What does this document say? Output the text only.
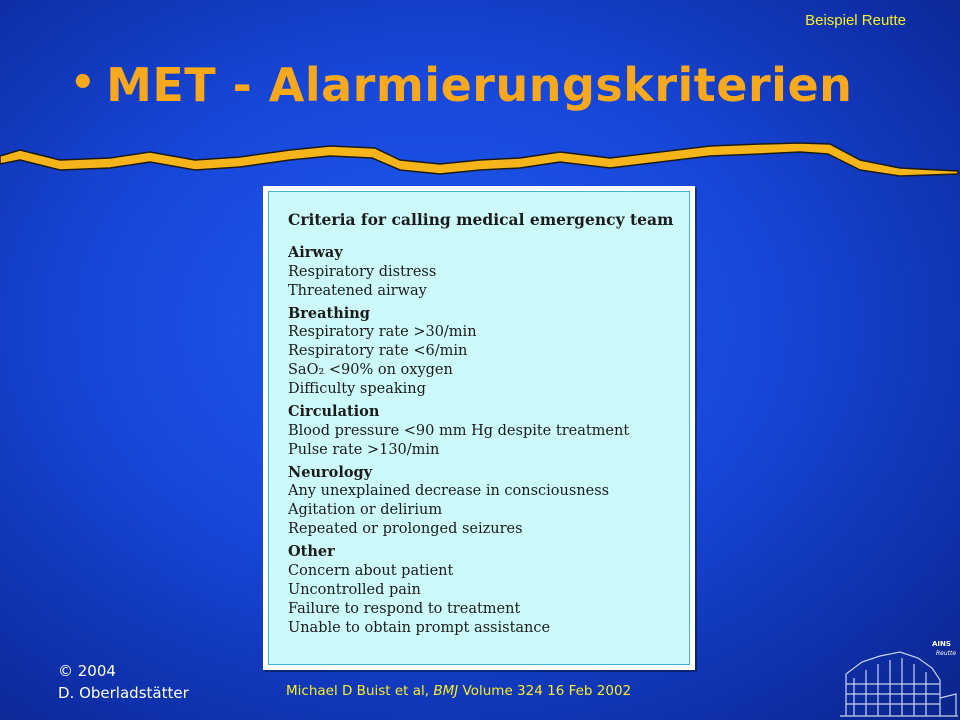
Beispiel Reutte
• MET - Alarmierungskriterien
Criteria for calling medical emergency team
Airway
Respiratory distress
Threatened airway
Breathing
Respiratory rate >30/min
Respiratory rate <6/min
SaO₂ <90% on oxygen
Difficulty speaking
Circulation
Blood pressure <90 mm Hg despite treatment
Pulse rate >130/min
Neurology
Any unexplained decrease in consciousness
Agitation or delirium
Repeated or prolonged seizures
Other
Concern about patient
Uncontrolled pain
Failure to respond to treatment
Unable to obtain prompt assistance
© 2004
D. Oberladstätter	Michael D Buist et al, BMJ Volume 324 16 Feb 2002
AINS
Reutte
